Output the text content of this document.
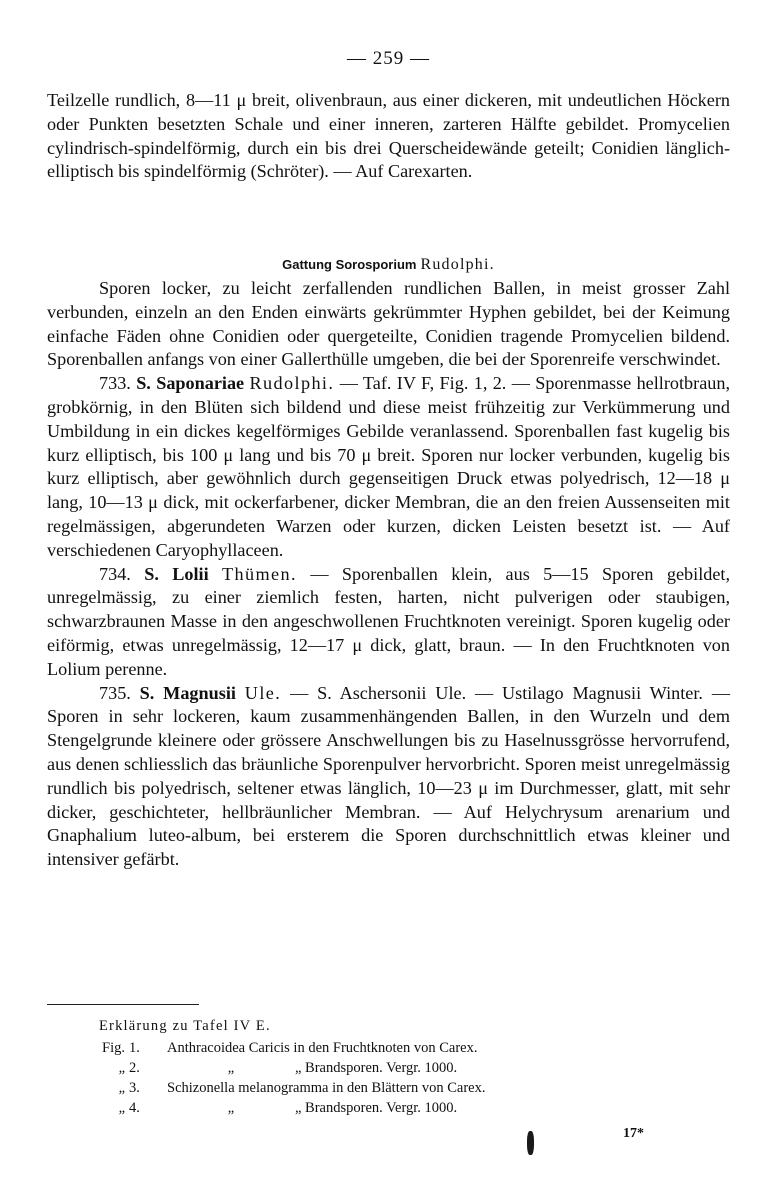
— 259 —

Teilzelle rundlich, 8—11 μ breit, olivenbraun, aus einer dickeren, mit undeutlichen Höckern oder Punkten besetzten Schale und einer inneren, zarteren Hälfte gebildet. Promycelien cylindrisch-spindelförmig, durch ein bis drei Querscheidewände geteilt; Conidien länglich-elliptisch bis spindelförmig (Schröter). — Auf Carexarten.

Gattung Sorosporium Rudolphi.

Sporen locker, zu leicht zerfallenden rundlichen Ballen, in meist grosser Zahl verbunden, einzeln an den Enden einwärts gekrümmter Hyphen gebildet, bei der Keimung einfache Fäden ohne Conidien oder quergeteilte, Conidien tragende Promycelien bildend. Sporenballen anfangs von einer Gallerthülle umgeben, die bei der Sporenreife verschwindet.

733. S. Saponariae Rudolphi. — Taf. IV F, Fig. 1, 2. — Sporenmasse hellrotbraun, grobkörnig, in den Blüten sich bildend und diese meist frühzeitig zur Verkümmerung und Umbildung in ein dickes kegelförmiges Gebilde veranlassend. Sporenballen fast kugelig bis kurz elliptisch, bis 100 μ lang und bis 70 μ breit. Sporen nur locker verbunden, kugelig bis kurz elliptisch, aber gewöhnlich durch gegenseitigen Druck etwas polyedrisch, 12—18 μ lang, 10—13 μ dick, mit ockerfarbener, dicker Membran, die an den freien Aussenseiten mit regelmässigen, abgerundeten Warzen oder kurzen, dicken Leisten besetzt ist. — Auf verschiedenen Caryophyllaceen.

734. S. Lolii Thümen. — Sporenballen klein, aus 5—15 Sporen gebildet, unregelmässig, zu einer ziemlich festen, harten, nicht pulverigen oder staubigen, schwarzbraunen Masse in den angeschwollenen Fruchtknoten vereinigt. Sporen kugelig oder eiförmig, etwas unregelmässig, 12—17 μ dick, glatt, braun. — In den Fruchtknoten von Lolium perenne.

735. S. Magnusii Ule. — S. Aschersonii Ule. — Ustilago Magnusii Winter. — Sporen in sehr lockeren, kaum zusammenhängenden Ballen, in den Wurzeln und dem Stengelgrunde kleinere oder grössere Anschwellungen bis zu Haselnussgrösse hervorrufend, aus denen schliesslich das bräunliche Sporenpulver hervorbricht. Sporen meist unregelmässig rundlich bis polyedrisch, seltener etwas länglich, 10—23 μ im Durchmesser, glatt, mit sehr dicker, geschichteter, hellbräunlicher Membran. — Auf Helychrysum arenarium und Gnaphalium luteo-album, bei ersterem die Sporen durchschnittlich etwas kleiner und intensiver gefärbt.

Erklärung zu Tafel IV E.
Fig. 1.	Anthracoidea Caricis in den Fruchtknoten von Carex.
„ 2.	„	„ Brandsporen. Vergr. 1000.
„ 3.	Schizonella melanogramma in den Blättern von Carex.
„ 4.	„	„ Brandsporen. Vergr. 1000.
17*
